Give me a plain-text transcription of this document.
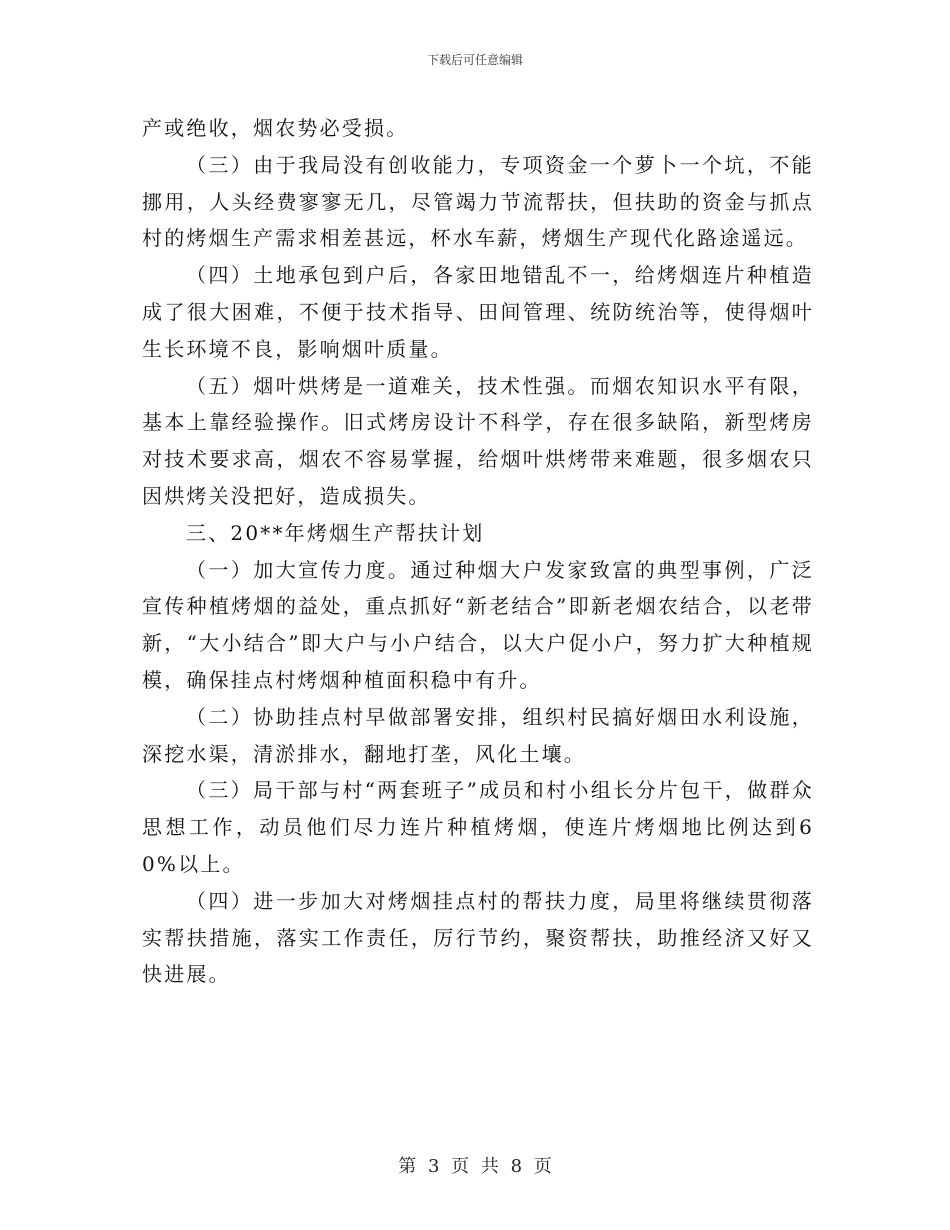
下载后可任意编辑

产或绝收，烟农势必受损。

（三）由于我局没有创收能力，专项资金一个萝卜一个坑，不能挪用，人头经费寥寥无几，尽管竭力节流帮扶，但扶助的资金与抓点村的烤烟生产需求相差甚远，杯水车薪，烤烟生产现代化路途遥远。

（四）土地承包到户后，各家田地错乱不一，给烤烟连片种植造成了很大困难，不便于技术指导、田间管理、统防统治等，使得烟叶生长环境不良，影响烟叶质量。

（五）烟叶烘烤是一道难关，技术性强。而烟农知识水平有限，基本上靠经验操作。旧式烤房设计不科学，存在很多缺陷，新型烤房对技术要求高，烟农不容易掌握，给烟叶烘烤带来难题，很多烟农只因烘烤关没把好，造成损失。

三、20**年烤烟生产帮扶计划

（一）加大宣传力度。通过种烟大户发家致富的典型事例，广泛宣传种植烤烟的益处，重点抓好“新老结合”即新老烟农结合，以老带新，“大小结合”即大户与小户结合，以大户促小户，努力扩大种植规模，确保挂点村烤烟种植面积稳中有升。

（二）协助挂点村早做部署安排，组织村民搞好烟田水利设施，深挖水渠，清淤排水，翻地打垄，风化土壤。

（三）局干部与村“两套班子”成员和村小组长分片包干，做群众思想工作，动员他们尽力连片种植烤烟，使连片烤烟地比例达到60%以上。

（四）进一步加大对烤烟挂点村的帮扶力度，局里将继续贯彻落实帮扶措施，落实工作责任，厉行节约，聚资帮扶，助推经济又好又快进展。

第 3 页 共 8 页
